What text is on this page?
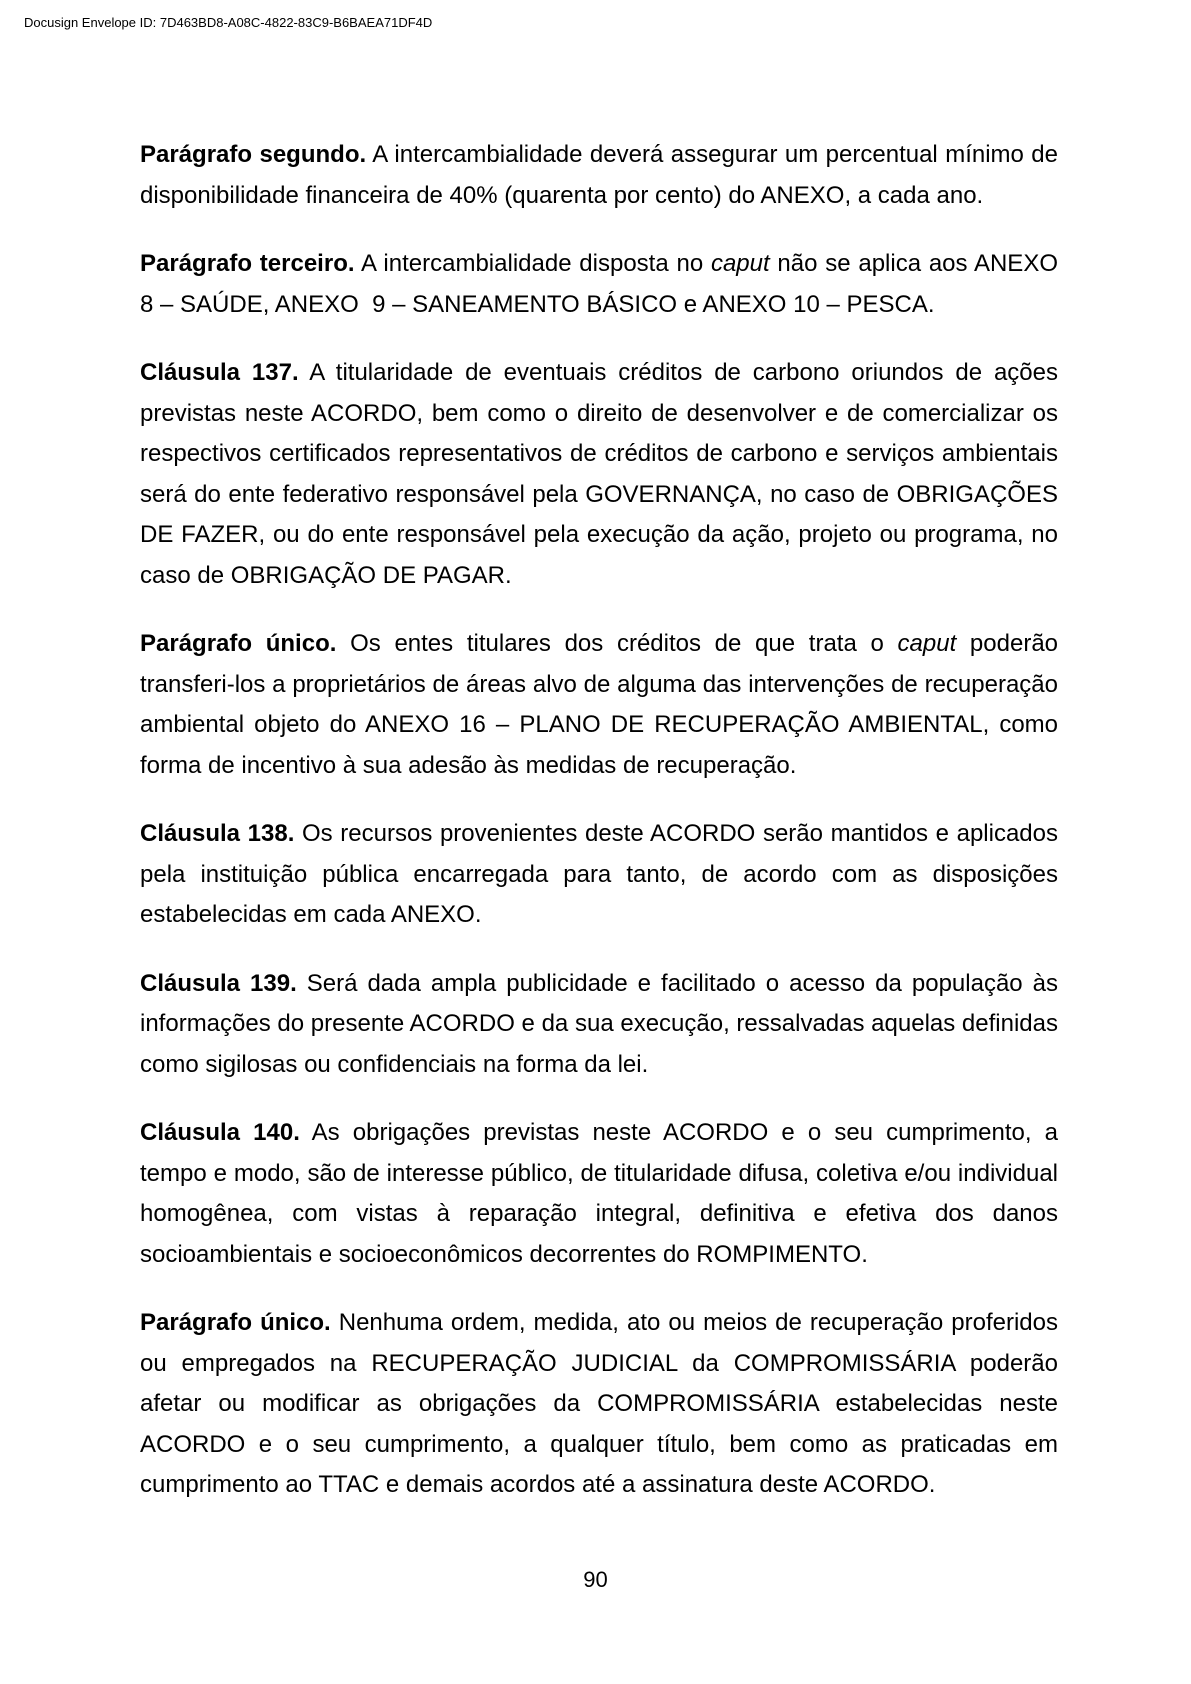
Docusign Envelope ID: 7D463BD8-A08C-4822-83C9-B6BAEA71DF4D

Parágrafo segundo. A intercambialidade deverá assegurar um percentual mínimo de disponibilidade financeira de 40% (quarenta por cento) do ANEXO, a cada ano.

Parágrafo terceiro. A intercambialidade disposta no caput não se aplica aos ANEXO 8 – SAÚDE, ANEXO  9 – SANEAMENTO BÁSICO e ANEXO 10 – PESCA.

Cláusula 137. A titularidade de eventuais créditos de carbono oriundos de ações previstas neste ACORDO, bem como o direito de desenvolver e de comercializar os respectivos certificados representativos de créditos de carbono e serviços ambientais será do ente federativo responsável pela GOVERNANÇA, no caso de OBRIGAÇÕES DE FAZER, ou do ente responsável pela execução da ação, projeto ou programa, no caso de OBRIGAÇÃO DE PAGAR.

Parágrafo único. Os entes titulares dos créditos de que trata o caput poderão transferi-los a proprietários de áreas alvo de alguma das intervenções de recuperação ambiental objeto do ANEXO 16 – PLANO DE RECUPERAÇÃO AMBIENTAL, como forma de incentivo à sua adesão às medidas de recuperação.

Cláusula 138. Os recursos provenientes deste ACORDO serão mantidos e aplicados pela instituição pública encarregada para tanto, de acordo com as disposições estabelecidas em cada ANEXO.

Cláusula 139. Será dada ampla publicidade e facilitado o acesso da população às informações do presente ACORDO e da sua execução, ressalvadas aquelas definidas como sigilosas ou confidenciais na forma da lei.

Cláusula 140. As obrigações previstas neste ACORDO e o seu cumprimento, a tempo e modo, são de interesse público, de titularidade difusa, coletiva e/ou individual homogênea, com vistas à reparação integral, definitiva e efetiva dos danos socioambientais e socioeconômicos decorrentes do ROMPIMENTO.

Parágrafo único. Nenhuma ordem, medida, ato ou meios de recuperação proferidos ou empregados na RECUPERAÇÃO JUDICIAL da COMPROMISSÁRIA poderão afetar ou modificar as obrigações da COMPROMISSÁRIA estabelecidas neste ACORDO e o seu cumprimento, a qualquer título, bem como as praticadas em cumprimento ao TTAC e demais acordos até a assinatura deste ACORDO.

90
